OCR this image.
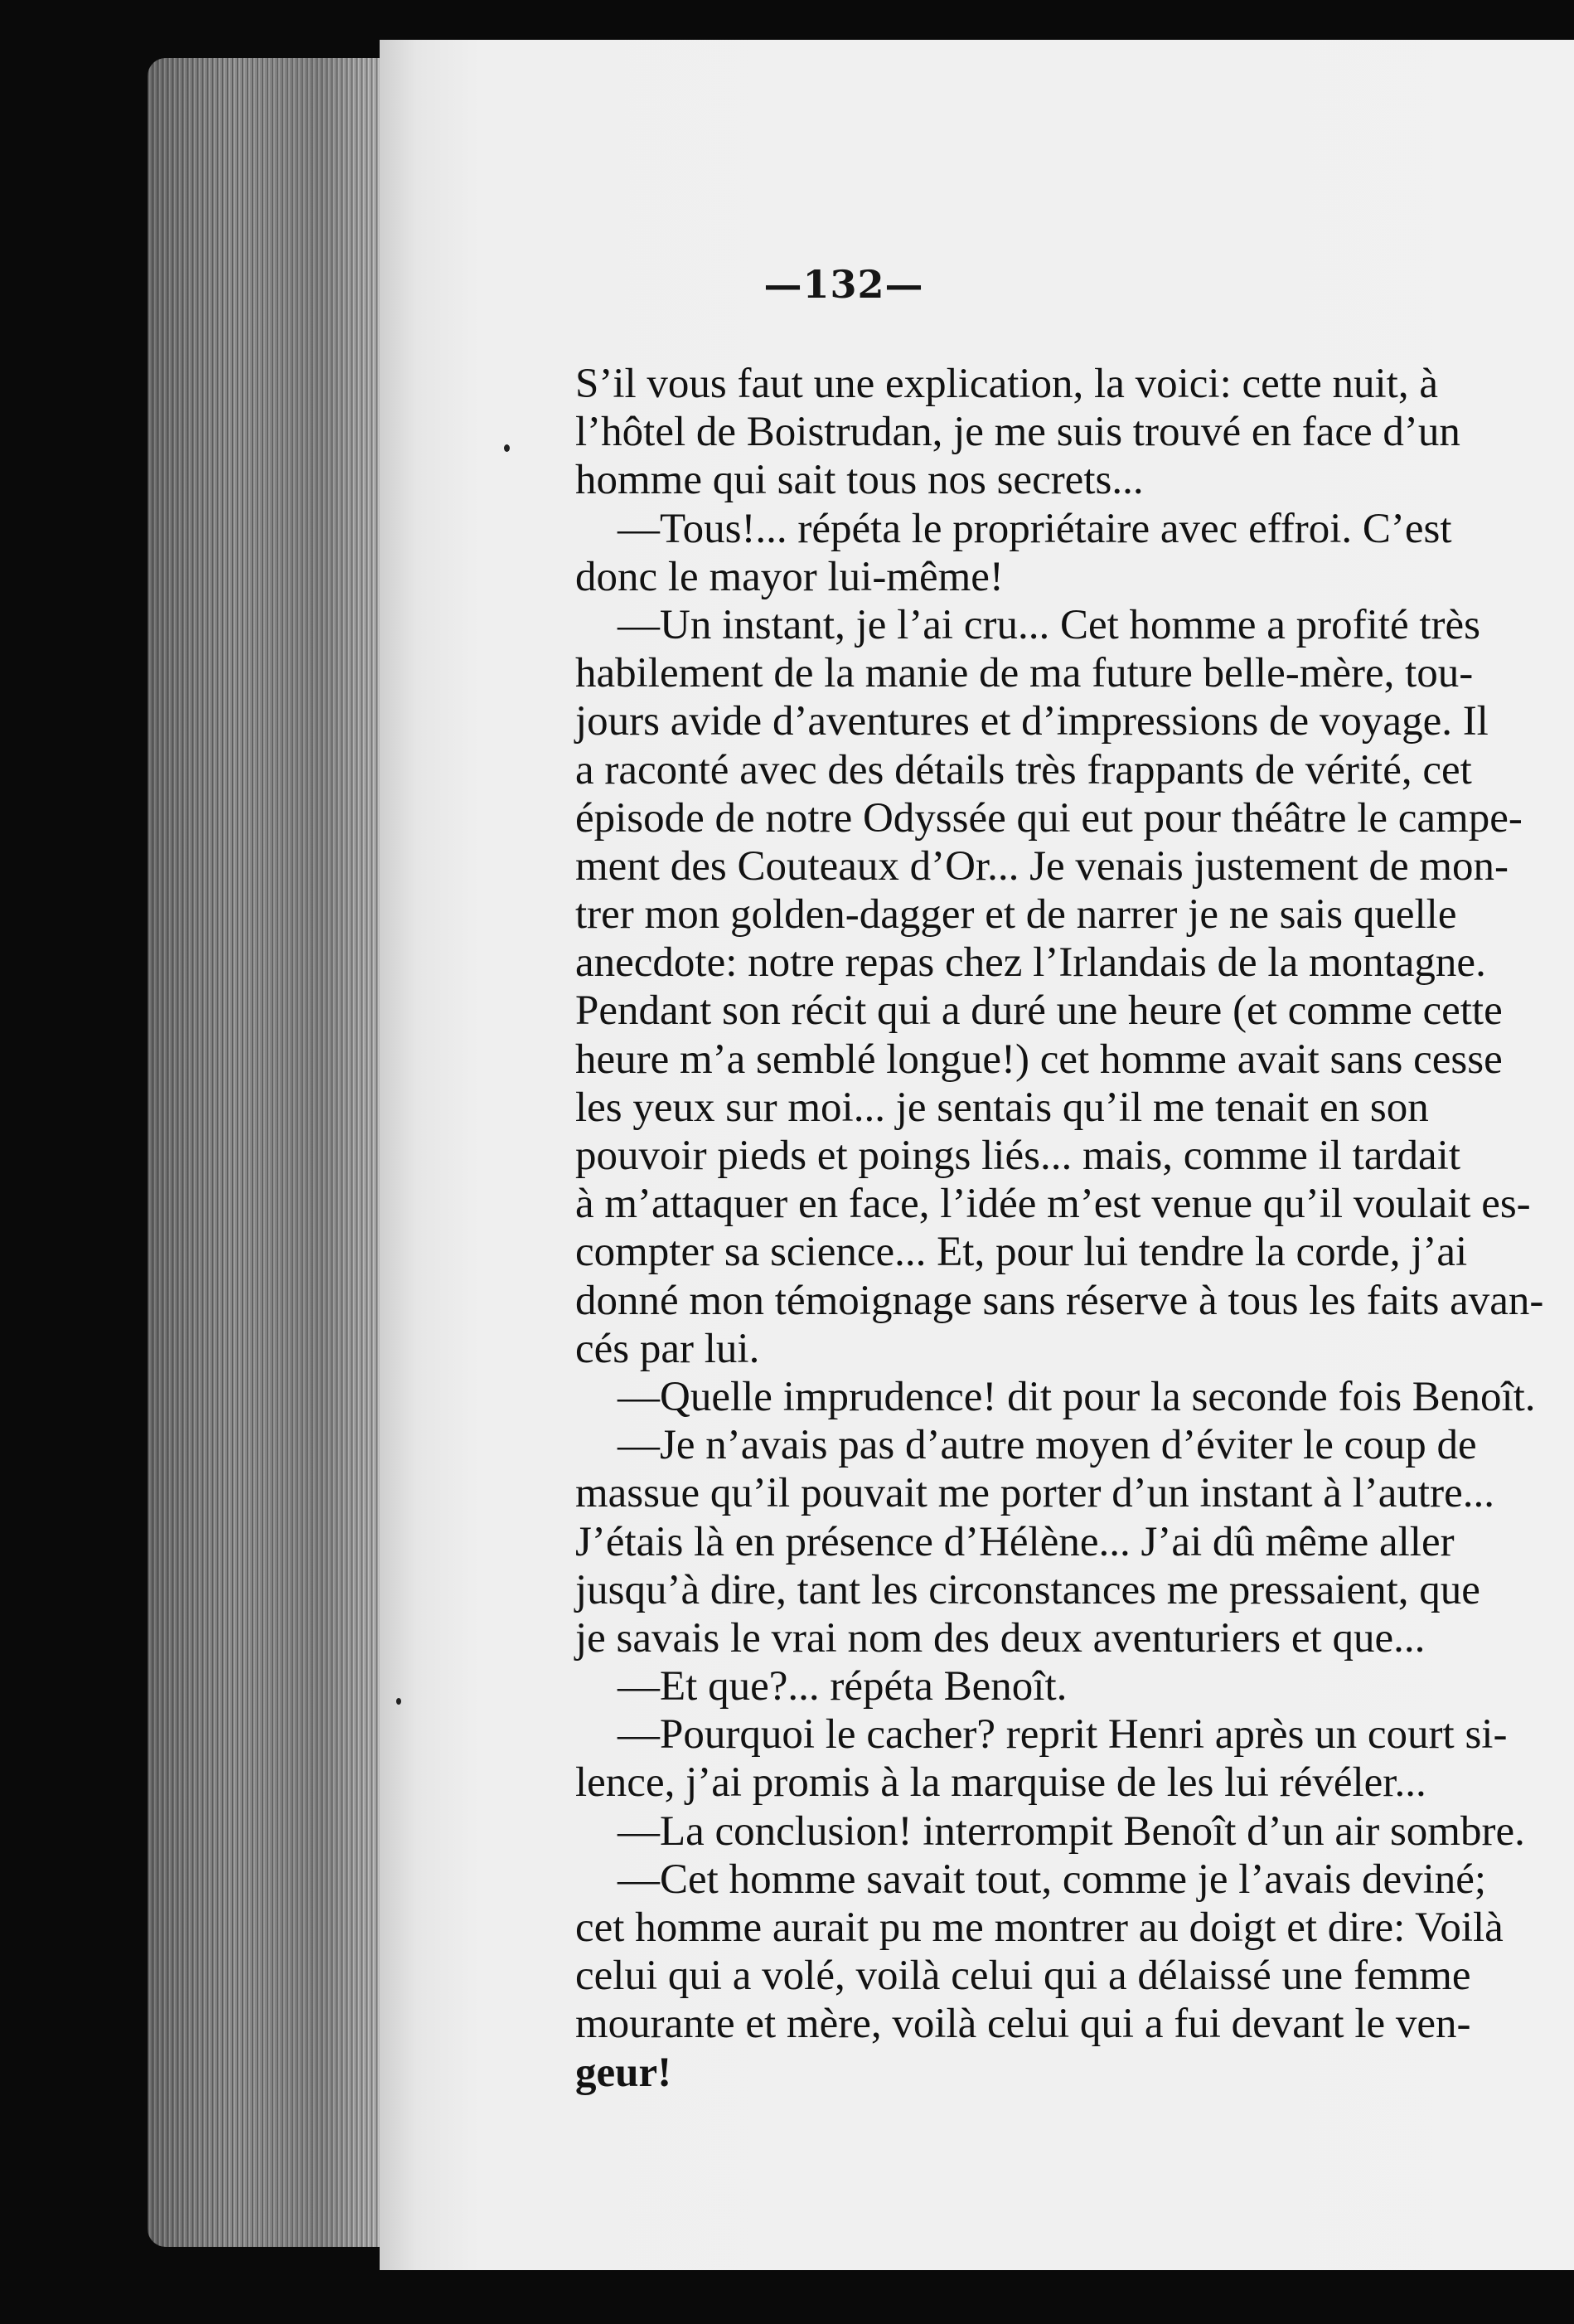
—132—

S’il vous faut une explication, la voici: cette nuit, à

l’hôtel de Boistrudan, je me suis trouvé en face d’un

homme qui sait tous nos secrets...

—Tous!... répéta le propriétaire avec effroi. C’est

donc le mayor lui-même!

—Un instant, je l’ai cru... Cet homme a profité très

habilement de la manie de ma future belle-mère, tou-

jours avide d’aventures et d’impressions de voyage. Il

a raconté avec des détails très frappants de vérité, cet

épisode de notre Odyssée qui eut pour théâtre le campe-

ment des Couteaux d’Or... Je venais justement de mon-

trer mon golden-dagger et de narrer je ne sais quelle

anecdote: notre repas chez l’Irlandais de la montagne.

Pendant son récit qui a duré une heure (et comme cette

heure m’a semblé longue!) cet homme avait sans cesse

les yeux sur moi... je sentais qu’il me tenait en son

pouvoir pieds et poings liés... mais, comme il tardait

à m’attaquer en face, l’idée m’est venue qu’il voulait es-

compter sa science... Et, pour lui tendre la corde, j’ai

donné mon témoignage sans réserve à tous les faits avan-

cés par lui.

—Quelle imprudence! dit pour la seconde fois Benoît.

—Je n’avais pas d’autre moyen d’éviter le coup de

massue qu’il pouvait me porter d’un instant à l’autre...

J’étais là en présence d’Hélène... J’ai dû même aller

jusqu’à dire, tant les circonstances me pressaient, que

je savais le vrai nom des deux aventuriers et que...

—Et que?... répéta Benoît.

—Pourquoi le cacher? reprit Henri après un court si-

lence, j’ai promis à la marquise de les lui révéler...

—La conclusion! interrompit Benoît d’un air sombre.

—Cet homme savait tout, comme je l’avais deviné;

cet homme aurait pu me montrer au doigt et dire: Voilà

celui qui a volé, voilà celui qui a délaissé une femme

mourante et mère, voilà celui qui a fui devant le ven-

geur!
